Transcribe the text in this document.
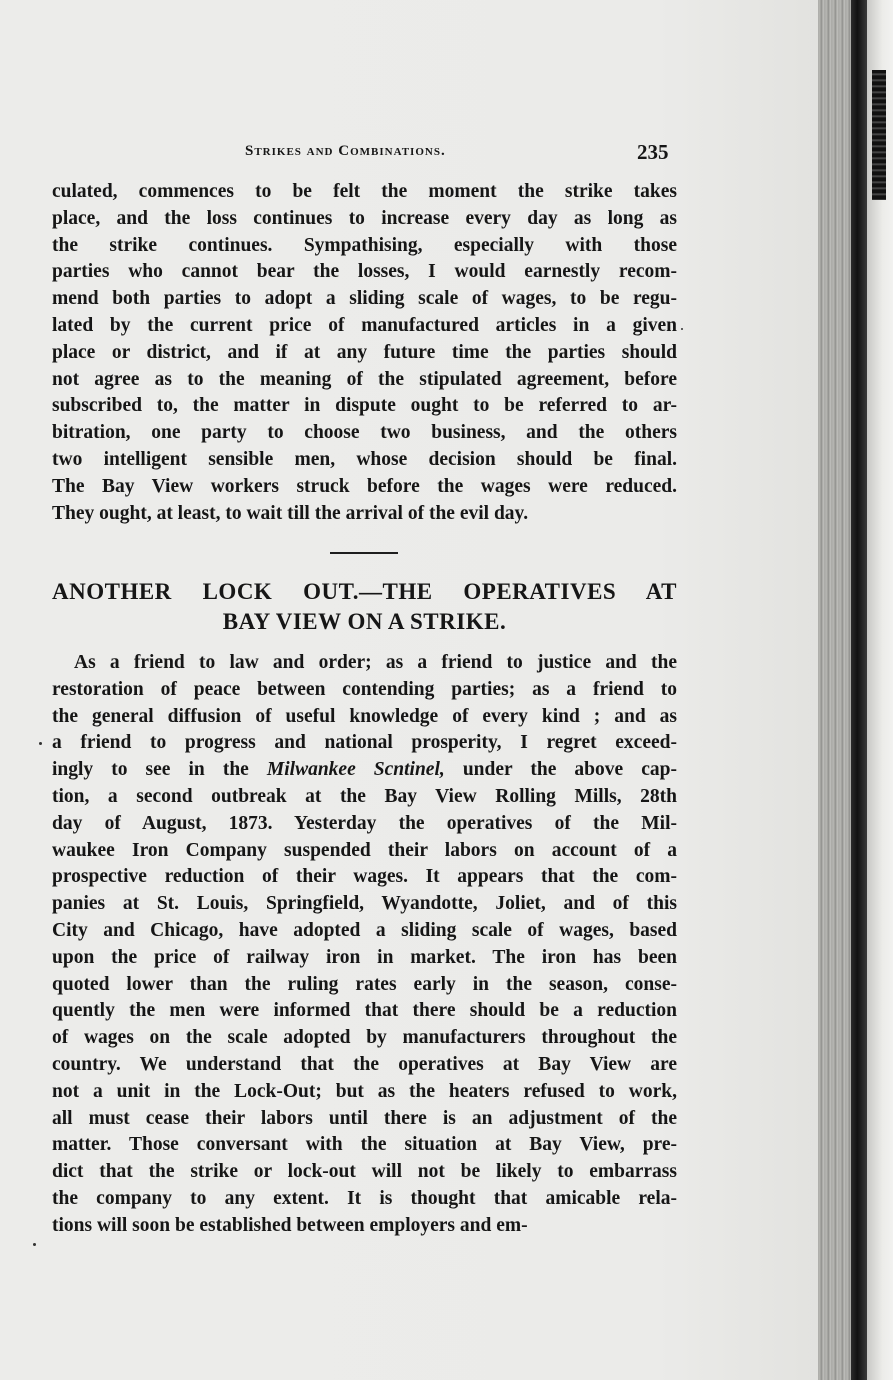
Strikes and Combinations.	235
culated, commences to be felt the moment the strike takes
place, and the loss continues to increase every day as long as
the strike continues. Sympathising, especially with those
parties who cannot bear the losses, I would earnestly recom-
mend both parties to adopt a sliding scale of wages, to be regu-
lated by the current price of manufactured articles in a given
place or district, and if at any future time the parties should
not agree as to the meaning of the stipulated agreement, before
subscribed to, the matter in dispute ought to be referred to ar-
bitration, one party to choose two business, and the others
two intelligent sensible men, whose decision should be final.
The Bay View workers struck before the wages were reduced.
They ought, at least, to wait till the arrival of the evil day.
ANOTHER LOCK OUT.—THE OPERATIVES AT
BAY VIEW ON A STRIKE.
As a friend to law and order; as a friend to justice and the
restoration of peace between contending parties; as a friend to
the general diffusion of useful knowledge of every kind ; and as
a friend to progress and national prosperity, I regret exceed-
ingly to see in the Milwankee Scntinel, under the above cap-
tion, a second outbreak at the Bay View Rolling Mills, 28th
day of August, 1873. Yesterday the operatives of the Mil-
waukee Iron Company suspended their labors on account of a
prospective reduction of their wages. It appears that the com-
panies at St. Louis, Springfield, Wyandotte, Joliet, and of this
City and Chicago, have adopted a sliding scale of wages, based
upon the price of railway iron in market. The iron has been
quoted lower than the ruling rates early in the season, conse-
quently the men were informed that there should be a reduction
of wages on the scale adopted by manufacturers throughout the
country. We understand that the operatives at Bay View are
not a unit in the Lock-Out; but as the heaters refused to work,
all must cease their labors until there is an adjustment of the
matter. Those conversant with the situation at Bay View, pre-
dict that the strike or lock-out will not be likely to embarrass
the company to any extent. It is thought that amicable rela-
tions will soon be established between employers and em-
